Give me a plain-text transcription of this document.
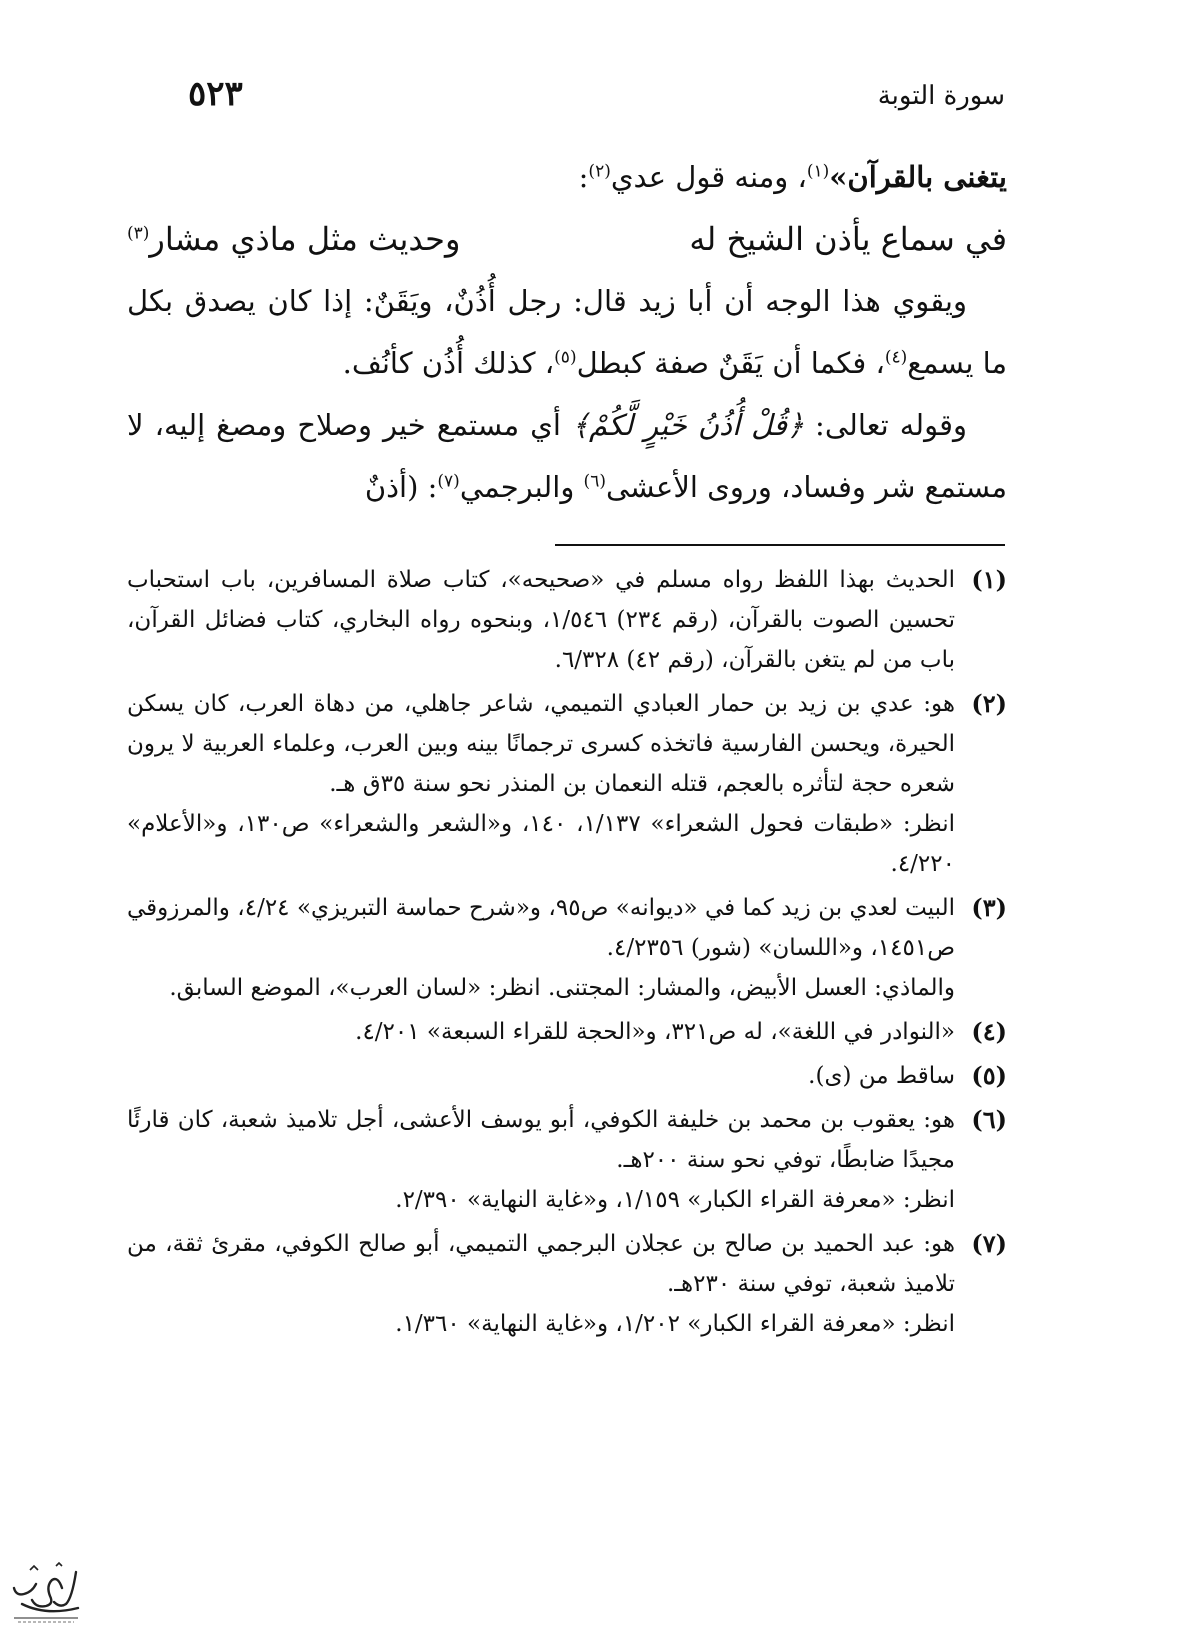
سورة التوبة
٥٢٣

يتغنى بالقرآن»$^{(١)}$، ومنه قول عدي$^{(٢)}$:

في سماع يأذن الشيخ له
وحديث مثل ماذي مشار$^{(٣)}$

ويقوي هذا الوجه أن أبا زيد قال: رجل أُذُنٌ، ويَقَنٌ: إذا كان يصدق بكل ما يسمع$^{(٤)}$، فكما أن يَقَنٌ صفة كبطل$^{(٥)}$، كذلك أُذُن كأنُف.

وقوله تعالى: ﴿قُلْ أُذُنُ خَيْرٍ لَّكُمْ﴾ أي مستمع خير وصلاح ومصغ إليه، لا مستمع شر وفساد، وروى الأعشى$^{(٦)}$ والبرجمي$^{(٧)}$: (أذنٌ

(١)

الحديث بهذا اللفظ رواه مسلم في «صحيحه»، كتاب صلاة المسافرين، باب استحباب تحسين الصوت بالقرآن، (رقم ٢٣٤) ١/٥٤٦، وبنحوه رواه البخاري، كتاب فضائل القرآن، باب من لم يتغن بالقرآن، (رقم ٤٢) ٦/٣٢٨.

(٢)

هو: عدي بن زيد بن حمار العبادي التميمي، شاعر جاهلي، من دهاة العرب، كان يسكن الحيرة، ويحسن الفارسية فاتخذه كسرى ترجمانًا بينه وبين العرب، وعلماء العربية لا يرون شعره حجة لتأثره بالعجم، قتله النعمان بن المنذر نحو سنة ٣٥ق هـ.

انظر: «طبقات فحول الشعراء» ١/١٣٧، ١٤٠، و«الشعر والشعراء» ص١٣٠، و«الأعلام» ٤/٢٢٠.

(٣)

البيت لعدي بن زيد كما في «ديوانه» ص٩٥، و«شرح حماسة التبريزي» ٤/٢٤، والمرزوقي ص١٤٥١، و«اللسان» (شور) ٤/٢٣٥٦.

والماذي: العسل الأبيض، والمشار: المجتنى. انظر: «لسان العرب»، الموضع السابق.

(٤)

«النوادر في اللغة»، له ص٣٢١، و«الحجة للقراء السبعة» ٤/٢٠١.

(٥)

ساقط من (ى).

(٦)

هو: يعقوب بن محمد بن خليفة الكوفي، أبو يوسف الأعشى، أجل تلاميذ شعبة، كان قارئًا مجيدًا ضابطًا، توفي نحو سنة ٢٠٠هـ.

انظر: «معرفة القراء الكبار» ١/١٥٩، و«غاية النهاية» ٢/٣٩٠.

(٧)

هو: عبد الحميد بن صالح بن عجلان البرجمي التميمي، أبو صالح الكوفي، مقرئ ثقة، من تلاميذ شعبة، توفي سنة ٢٣٠هـ.

انظر: «معرفة القراء الكبار» ١/٢٠٢، و«غاية النهاية» ١/٣٦٠.
